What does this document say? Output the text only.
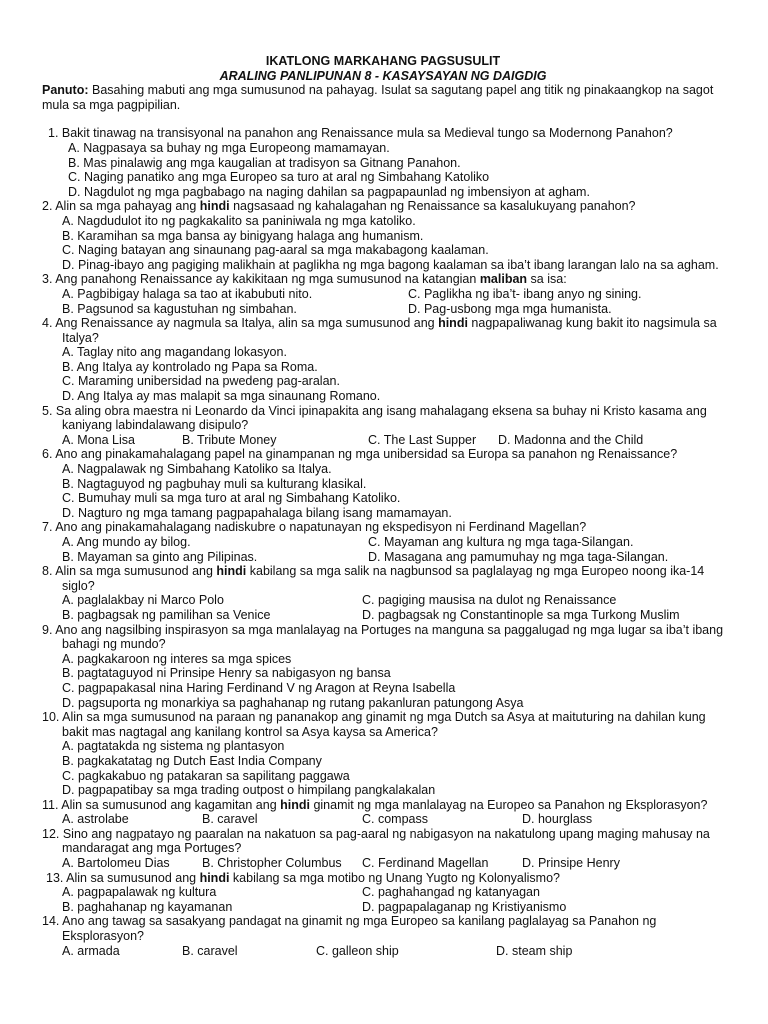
IKATLONG MARKAHANG PAGSUSULIT
ARALING PANLIPUNAN 8 - KASAYSAYAN NG DAIGDIG
Panuto: Basahing mabuti ang mga sumusunod na pahayag. Isulat sa sagutang papel ang titik ng pinakaangkop na sagot mula sa mga pagpipilian.
1. Bakit tinawag na transisyonal na panahon ang Renaissance mula sa Medieval tungo sa Modernong Panahon?
A. Nagpasaya sa buhay ng mga Europeong mamamayan.
B. Mas pinalawig ang mga kaugalian at tradisyon sa Gitnang Panahon.
C. Naging panatiko ang mga Europeo sa turo at aral ng Simbahang Katoliko
D. Nagdulot ng mga pagbabago na naging dahilan sa pagpapaunlad ng imbensiyon at agham.
2. Alin sa mga pahayag ang hindi nagsasaad ng kahalagahan ng Renaissance sa kasalukuyang panahon?
A. Nagdudulot ito ng pagkakalito sa paniniwala ng mga katoliko.
B. Karamihan sa mga bansa ay binigyang halaga ang humanism.
C. Naging batayan ang sinaunang pag-aaral sa mga makabagong kaalaman.
D. Pinag-ibayo ang pagiging malikhain at paglikha ng mga bagong kaalaman sa iba’t ibang larangan lalo na sa agham.
3. Ang panahong Renaissance ay kakikitaan ng mga sumusunod na katangian maliban sa isa:
A. Pagbibigay halaga sa tao at ikabubuti nito.	C. Paglikha ng iba’t- ibang anyo ng sining.
B. Pagsunod sa kagustuhan ng simbahan.	D. Pag-usbong mga mga humanista.
4. Ang Renaissance ay nagmula sa Italya, alin sa mga sumusunod ang hindi nagpapaliwanag kung bakit ito nagsimula sa
Italya?
A. Taglay nito ang magandang lokasyon.
B. Ang Italya ay kontrolado ng Papa sa Roma.
C. Maraming unibersidad na pwedeng pag-aralan.
D. Ang Italya ay mas malapit sa mga sinaunang Romano.
5. Sa aling obra maestra ni Leonardo da Vinci ipinapakita ang isang mahalagang eksena sa buhay ni Kristo kasama ang
kaniyang labindalawang disipulo?
A. Mona Lisa	B. Tribute Money	C. The Last Supper	D. Madonna and the Child
6. Ano ang pinakamahalagang papel na ginampanan ng mga unibersidad sa Europa sa panahon ng Renaissance?
A. Nagpalawak ng Simbahang Katoliko sa Italya.
B. Nagtaguyod ng pagbuhay muli sa kulturang klasikal.
C. Bumuhay muli sa mga turo at aral ng Simbahang Katoliko.
D. Nagturo ng mga tamang pagpapahalaga bilang isang mamamayan.
7. Ano ang pinakamahalagang nadiskubre o napatunayan ng ekspedisyon ni Ferdinand Magellan?
A. Ang mundo ay bilog.	C. Mayaman ang kultura ng mga taga-Silangan.
B. Mayaman sa ginto ang Pilipinas.	D. Masagana ang pamumuhay ng mga taga-Silangan.
8. Alin sa mga sumusunod ang hindi kabilang sa mga salik na nagbunsod sa paglalayag ng mga Europeo noong ika-14
siglo?
A. paglalakbay ni Marco Polo	C. pagiging mausisa na dulot ng Renaissance
B. pagbagsak ng pamilihan sa Venice	D. pagbagsak ng Constantinople sa mga Turkong Muslim
9. Ano ang nagsilbing inspirasyon sa mga manlalayag na Portuges na manguna sa paggalugad ng mga lugar sa iba’t ibang
bahagi ng mundo?
A. pagkakaroon ng interes sa mga spices
B. pagtataguyod ni Prinsipe Henry sa nabigasyon ng bansa
C. pagpapakasal nina Haring Ferdinand V ng Aragon at Reyna Isabella
D. pagsuporta ng monarkiya sa paghahanap ng rutang pakanluran patungong Asya
10. Alin sa mga sumusunod na paraan ng pananakop ang ginamit ng mga Dutch sa Asya at maituturing na dahilan kung
bakit mas nagtagal ang kanilang kontrol sa Asya kaysa sa America?
A. pagtatakda ng sistema ng plantasyon
B. pagkakatatag ng Dutch East India Company
C. pagkakabuo ng patakaran sa sapilitang paggawa
D. pagpapatibay sa mga trading outpost o himpilang pangkalakalan
11. Alin sa sumusunod ang kagamitan ang hindi ginamit ng mga manlalayag na Europeo sa Panahon ng Eksplorasyon?
A. astrolabe	B. caravel	C. compass	D. hourglass
12. Sino ang nagpatayo ng paaralan na nakatuon sa pag-aaral ng nabigasyon na nakatulong upang maging mahusay na
mandaragat ang mga Portuges?
A. Bartolomeu Dias	B. Christopher Columbus	C. Ferdinand Magellan	D. Prinsipe Henry
13. Alin sa sumusunod ang hindi kabilang sa mga motibo ng Unang Yugto ng Kolonyalismo?
A. pagpapalawak ng kultura	C. paghahangad ng katanyagan
B. paghahanap ng kayamanan	D. pagpapalaganap ng Kristiyanismo
14. Ano ang tawag sa sasakyang pandagat na ginamit ng mga Europeo sa kanilang paglalayag sa Panahon ng
Eksplorasyon?
A. armada	B. caravel	C. galleon ship	D. steam ship
